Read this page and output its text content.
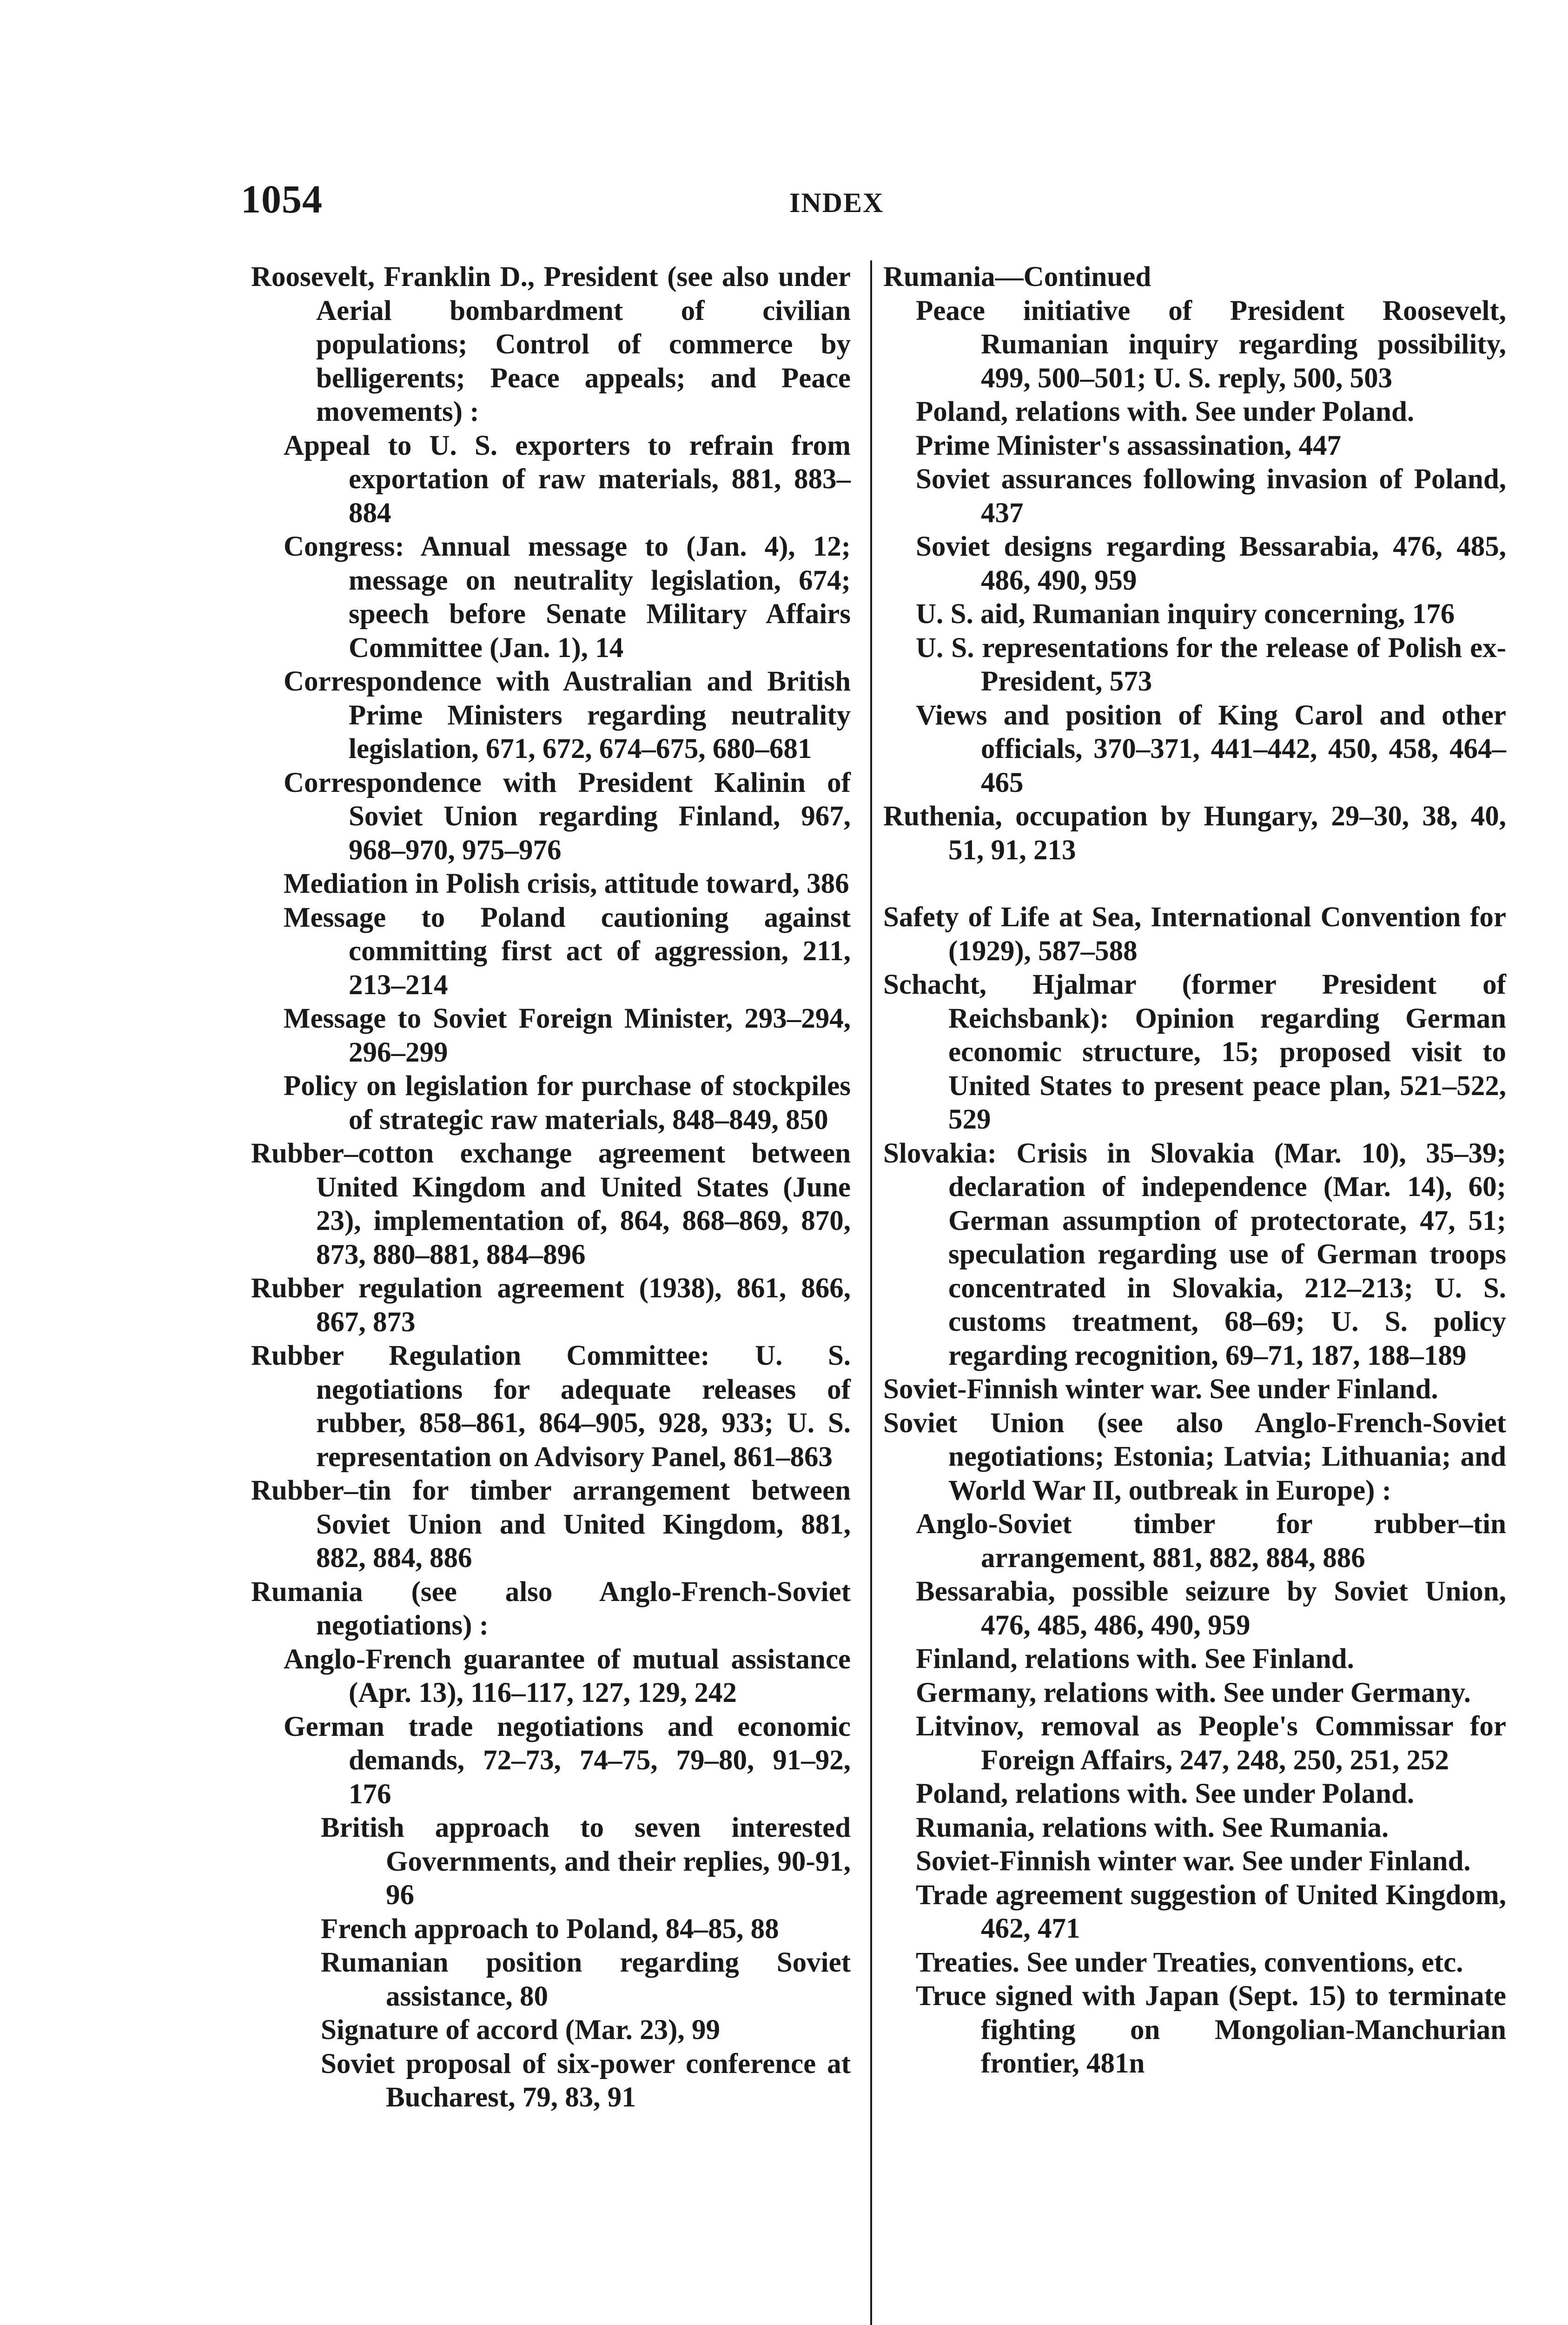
1054	INDEX
Roosevelt, Franklin D., President (see also under Aerial bombardment of civilian populations; Control of commerce by belligerents; Peace appeals; and Peace movements) :
Appeal to U. S. exporters to refrain from exportation of raw materials, 881, 883–884
Congress: Annual message to (Jan. 4), 12; message on neutrality legislation, 674; speech before Senate Military Affairs Committee (Jan. 1), 14
Correspondence with Australian and British Prime Ministers regarding neutrality legislation, 671, 672, 674–675, 680–681
Correspondence with President Kalinin of Soviet Union regarding Finland, 967, 968–970, 975–976
Mediation in Polish crisis, attitude toward, 386
Message to Poland cautioning against committing first act of aggression, 211, 213–214
Message to Soviet Foreign Minister, 293–294, 296–299
Policy on legislation for purchase of stockpiles of strategic raw materials, 848–849, 850
Rubber–cotton exchange agreement between United Kingdom and United States (June 23), implementation of, 864, 868–869, 870, 873, 880–881, 884–896
Rubber regulation agreement (1938), 861, 866, 867, 873
Rubber Regulation Committee: U. S. negotiations for adequate releases of rubber, 858–861, 864–905, 928, 933; U. S. representation on Advisory Panel, 861–863
Rubber–tin for timber arrangement between Soviet Union and United Kingdom, 881, 882, 884, 886
Rumania (see also Anglo-French-Soviet negotiations) :
Anglo-French guarantee of mutual assistance (Apr. 13), 116–117, 127, 129, 242
German trade negotiations and economic demands, 72–73, 74–75, 79–80, 91–92, 176
British approach to seven interested Governments, and their replies, 90-91, 96
French approach to Poland, 84–85, 88
Rumanian position regarding Soviet assistance, 80
Signature of accord (Mar. 23), 99
Soviet proposal of six-power conference at Bucharest, 79, 83, 91
Rumania—Continued
Peace initiative of President Roosevelt, Rumanian inquiry regarding possibility, 499, 500–501; U. S. reply, 500, 503
Poland, relations with. See under Poland.
Prime Minister's assassination, 447
Soviet assurances following invasion of Poland, 437
Soviet designs regarding Bessarabia, 476, 485, 486, 490, 959
U. S. aid, Rumanian inquiry concerning, 176
U. S. representations for the release of Polish ex-President, 573
Views and position of King Carol and other officials, 370–371, 441–442, 450, 458, 464–465
Ruthenia, occupation by Hungary, 29–30, 38, 40, 51, 91, 213
Safety of Life at Sea, International Convention for (1929), 587–588
Schacht, Hjalmar (former President of Reichsbank): Opinion regarding German economic structure, 15; proposed visit to United States to present peace plan, 521–522, 529
Slovakia: Crisis in Slovakia (Mar. 10), 35–39; declaration of independence (Mar. 14), 60; German assumption of protectorate, 47, 51; speculation regarding use of German troops concentrated in Slovakia, 212–213; U. S. customs treatment, 68–69; U. S. policy regarding recognition, 69–71, 187, 188–189
Soviet-Finnish winter war. See under Finland.
Soviet Union (see also Anglo-French-Soviet negotiations; Estonia; Latvia; Lithuania; and World War II, outbreak in Europe) :
Anglo-Soviet timber for rubber–tin arrangement, 881, 882, 884, 886
Bessarabia, possible seizure by Soviet Union, 476, 485, 486, 490, 959
Finland, relations with. See Finland.
Germany, relations with. See under Germany.
Litvinov, removal as People's Commissar for Foreign Affairs, 247, 248, 250, 251, 252
Poland, relations with. See under Poland.
Rumania, relations with. See Rumania.
Soviet-Finnish winter war. See under Finland.
Trade agreement suggestion of United Kingdom, 462, 471
Treaties. See under Treaties, conventions, etc.
Truce signed with Japan (Sept. 15) to terminate fighting on Mongolian-Manchurian frontier, 481n
